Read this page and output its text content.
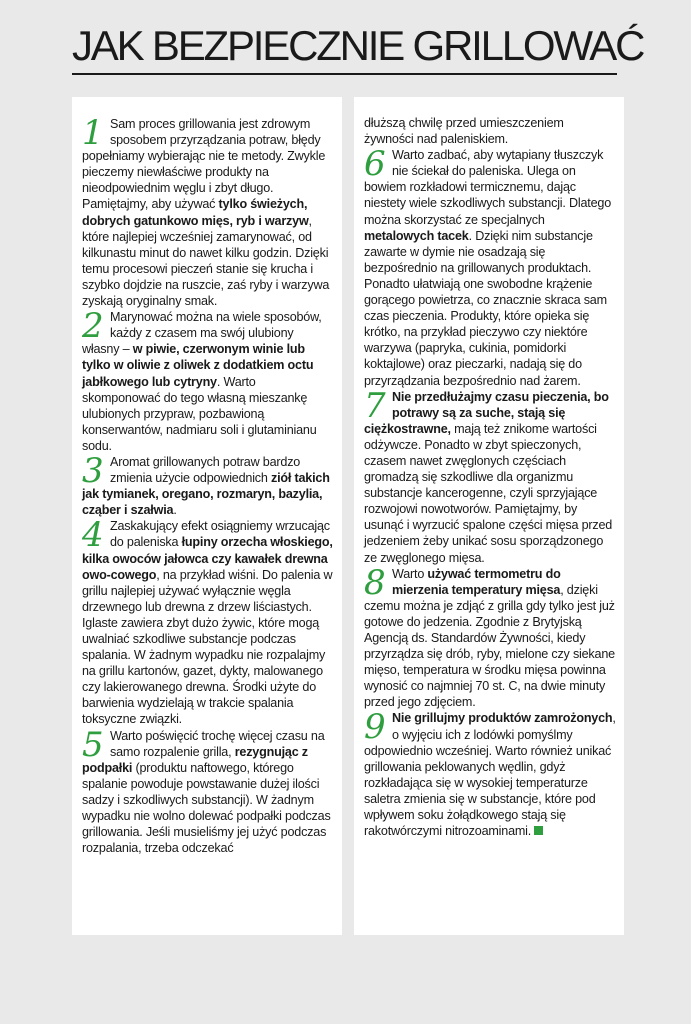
JAK BEZPIECZNIE GRILLOWAĆ

1 Sam proces grillowania jest zdrowym sposobem przyrządzania potraw, błędy popełniamy wybierając nie te metody. Zwykle pieczemy niewłaściwe produkty na nieodpowiednim węglu i zbyt długo. Pamiętajmy, aby używać tylko świeżych, dobrych gatunkowo mięs, ryb i warzyw, które najlepiej wcześniej zamarynować, od kilkunastu minut do nawet kilku godzin. Dzięki temu procesowi pieczeń stanie się krucha i szybko dojdzie na ruszcie, zaś ryby i warzywa zyskają oryginalny smak.

2 Marynować można na wiele sposobów, każdy z czasem ma swój ulubiony własny – w piwie, czerwonym winie lub tylko w oliwie z oliwek z dodatkiem octu jabłkowego lub cytryny. Warto skomponować do tego własną mieszankę ulubionych przypraw, pozbawioną konserwantów, nadmiaru soli i glutaminianu sodu.

3 Aromat grillowanych potraw bardzo zmienia użycie odpowiednich ziół takich jak tymianek, oregano, rozmaryn, bazylia, cząber i szałwia.

4 Zaskakujący efekt osiągniemy wrzucając do paleniska łupiny orzecha włoskiego, kilka owoców jałowca czy kawałek drewna owo-cowego, na przykład wiśni. Do palenia w grillu najlepiej używać wyłącznie węgla drzewnego lub drewna z drzew liściastych. Iglaste zawiera zbyt dużo żywic, które mogą uwalniać szkodliwe substancje podczas spalania. W żadnym wypadku nie rozpalajmy na grillu kartonów, gazet, dykty, malowanego czy lakierowanego drewna. Środki użyte do barwienia wydzielają w trakcie spalania toksyczne związki.

5 Warto poświęcić trochę więcej czasu na samo rozpalenie grilla, rezygnując z podpałki (produktu naftowego, którego spalanie powoduje powstawanie dużej ilości sadzy i szkodliwych substancji). W żadnym wypadku nie wolno dolewać podpałki podczas grillowania. Jeśli musieliśmy jej użyć podczas rozpalania, trzeba odczekać

dłuższą chwilę przed umieszczeniem żywności nad paleniskiem.

6 Warto zadbać, aby wytapiany tłuszczyk nie ściekał do paleniska. Ulega on bowiem rozkładowi termicznemu, dając niestety wiele szkodliwych substancji. Dlatego można skorzystać ze specjalnych metalowych tacek. Dzięki nim substancje zawarte w dymie nie osadzają się bezpośrednio na grillowanych produktach. Ponadto ułatwiają one swobodne krążenie gorącego powietrza, co znacznie skraca sam czas pieczenia. Produkty, które opieka się krótko, na przykład pieczywo czy niektóre warzywa (papryka, cukinia, pomidorki koktajlowe) oraz pieczarki, nadają się do przyrządzania bezpośrednio nad żarem.

7 Nie przedłużajmy czasu pieczenia, bo potrawy są za suche, stają się ciężkostrawne, mają też znikome wartości odżywcze. Ponadto w zbyt spieczonych, czasem nawet zwęglonych częściach gromadzą się szkodliwe dla organizmu substancje kancerogenne, czyli sprzyjające rozwojowi nowotworów. Pamiętajmy, by usunąć i wyrzucić spalone części mięsa przed jedzeniem żeby unikać sosu sporządzonego ze zwęglonego mięsa.

8 Warto używać termometru do mierzenia temperatury mięsa, dzięki czemu można je zdjąć z grilla gdy tylko jest już gotowe do jedzenia. Zgodnie z Brytyjską Agencją ds. Standardów Żywności, kiedy przyrządza się drób, ryby, mielone czy siekane mięso, temperatura w środku mięsa powinna wynosić co najmniej 70 st. C, na dwie minuty przed jego zdjęciem.

9 Nie grillujmy produktów zamrożonych, o wyjęciu ich z lodówki pomyślmy odpowiednio wcześniej. Warto również unikać grillowania peklowanych wędlin, gdyż rozkładająca się w wysokiej temperaturze saletra zmienia się w substancje, które pod wpływem soku żołądkowego stają się rakotwórczymi nitrozoaminami.
